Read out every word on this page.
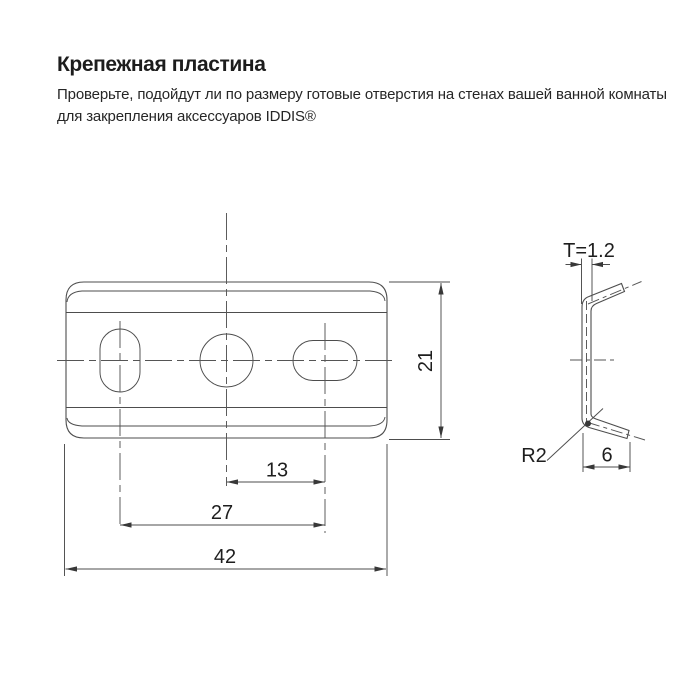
Крепежная пластина

Проверьте, подойдут ли по размеру готовые отверстия на стенах вашей ванной комнаты
для закрепления аксессуаров IDDIS®

21
13
27
42
T=1.2
R2	6
